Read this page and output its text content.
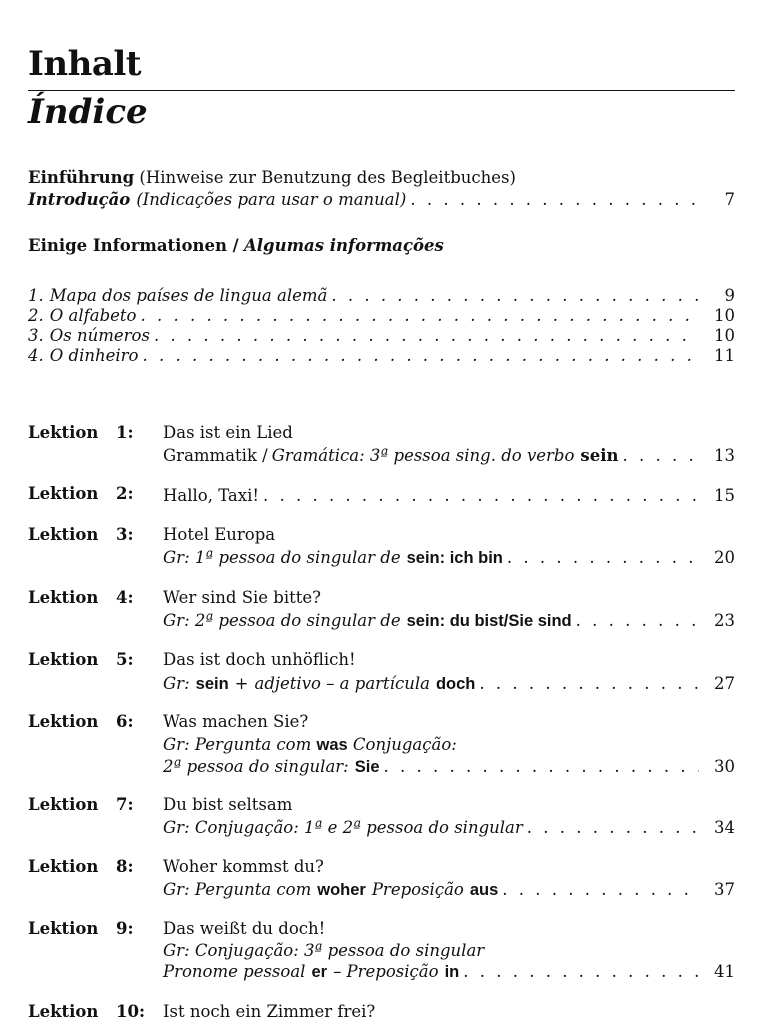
Inhalt
Índice
Einführung (Hinweise zur Benutzung des Begleitbuches)
Introdução (Indicações para usar o manual) . . .	7
Einige Informationen / Algumas informações
1. Mapa dos países de lingua alemã . . .	9
2. O alfabeto . . .	10
3. Os números . . .	10
4. O dinheiro . . .	11
Lektion 1: Das ist ein Lied
Grammatik / Gramática: 3ª pessoa sing. do verbo sein . . .	13
Lektion 2: Hallo, Taxi! . . .	15
Lektion 3: Hotel Europa
Gr: 1ª pessoa do singular de sein: ich bin . . .	20
Lektion 4: Wer sind Sie bitte?
Gr: 2ª pessoa do singular de sein: du bist/Sie sind . . .	23
Lektion 5: Das ist doch unhöflich!
Gr: sein + adjetivo – a partícula doch . . .	27
Lektion 6: Was machen Sie?
Gr: Pergunta com was Conjugação:
2ª pessoa do singular: Sie . . .	30
Lektion 7: Du bist seltsam
Gr: Conjugação: 1ª e 2ª pessoa do singular . . .	34
Lektion 8: Woher kommst du?
Gr: Pergunta com woher Preposição aus . . .	37
Lektion 9: Das weißt du doch!
Gr: Conjugação: 3ª pessoa do singular
Pronome pessoal er – Preposição in . . .	41
Lektion 10: Ist noch ein Zimmer frei?
